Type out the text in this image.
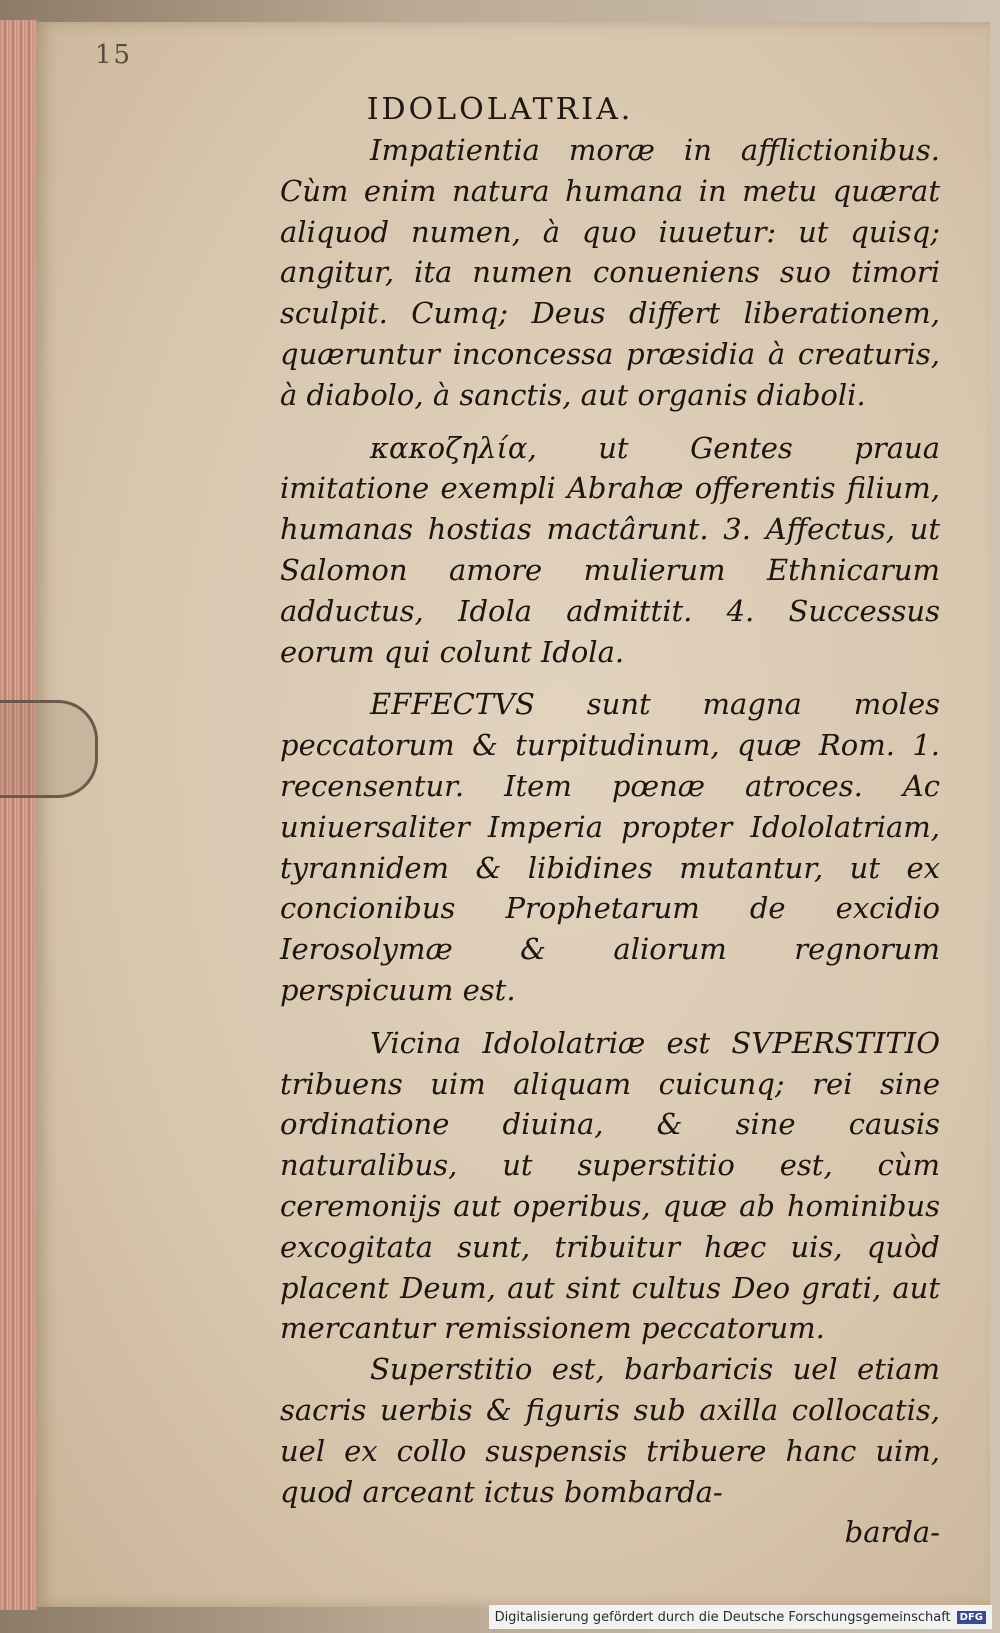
15
IDOLOLATRIA.

Impatientia moræ in afflictionibus. Cùm enim natura humana in metu quærat aliquod numen, à quo iuuetur: ut quisq; angitur, ita numen conueniens suo timori sculpit. Cumq; Deus differt liberationem, quæruntur inconcessa præsidia à creaturis, à diabolo, à sanctis, aut organis diaboli.

κακοζηλία, ut Gentes praua imitatione exempli Abrahæ offerentis filium, humanas hostias mactârunt. 3. Affectus, ut Salomon amore mulierum Ethnicarum adductus, Idola admittit. 4. Successus eorum qui colunt Idola.

EFFECTVS sunt magna moles peccatorum & turpitudinum, quæ Rom. 1. recensentur. Item pœnæ atroces. Ac uniuersaliter Imperia propter Idololatriam, tyrannidem & libidines mutantur, ut ex concionibus Prophetarum de excidio Ierosolymæ & aliorum regnorum perspicuum est.

Vicina Idololatriæ est SVPERSTITIO tribuens uim aliquam cuicunq; rei sine ordinatione diuina, & sine causis naturalibus, ut superstitio est, cùm ceremonijs aut operibus, quæ ab hominibus excogitata sunt, tribuitur hæc uis, quòd placent Deum, aut sint cultus Deo grati, aut mercantur remissionem peccatorum.

Superstitio est, barbaricis uel etiam sacris uerbis & figuris sub axilla collocatis, uel ex collo suspensis tribuere hanc uim, quod arceant ictus bombarda-

barda-
Digitalisierung gefördert durch die Deutsche Forschungsgemeinschaft DFG
